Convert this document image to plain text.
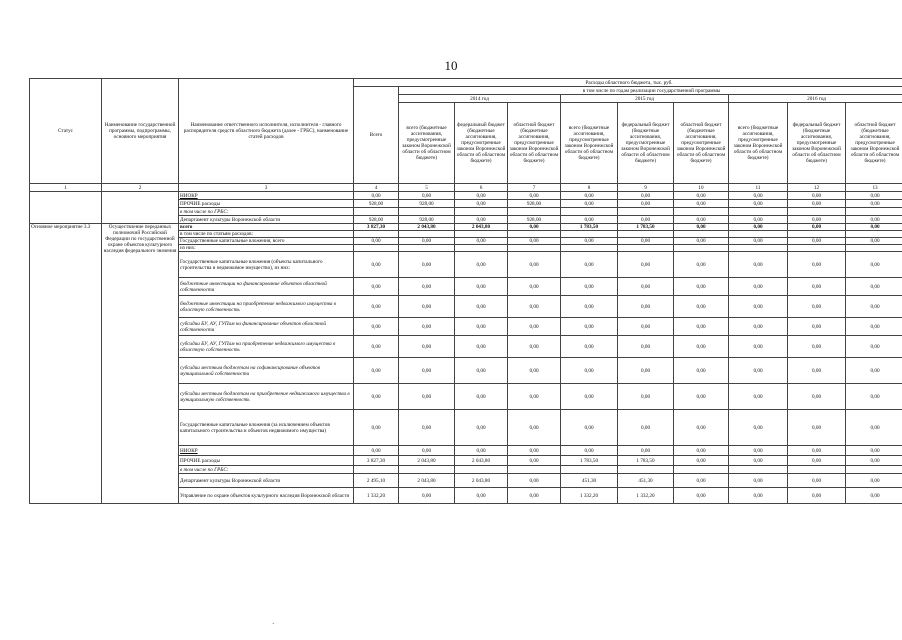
10
Статус	Наименование государственной программы, подпрограммы, основного мероприятия	Наименование ответственного исполнителя, исполнителя - главного распорядителя средств областного бюджета (далее - ГРБС), наименование статей расходов	Расходы областного бюджета, тыс. руб.									
			Всего	в том числе по годам реализации государственной программы								
				2014 год			2015 год			2016 год		
				всего (бюджетные ассигнования, предусмотренные законом Воронежской области об областном бюджете)	федеральный бюджет (бюджетные ассигнования, предусмотренные законом Воронежской области об областном бюджете)	областной бюджет (бюджетные ассигнования, предусмотренные законом Воронежской области об областном бюджете)	всего (бюджетные ассигнования, предусмотренные законом Воронежской области об областном бюджете)	федеральный бюджет (бюджетные ассигнования, предусмотренные законом Воронежской области об областном бюджете)	областной бюджет (бюджетные ассигнования, предусмотренные законом Воронежской области об областном бюджете)	всего (бюджетные ассигнования, предусмотренные законом Воронежской области об областном бюджете)	федеральный бюджет (бюджетные ассигнования, предусмотренные законом Воронежской области об областном бюджете)	областной бюджет (бюджетные ассигнования, предусмотренные законом Воронежской области об областном бюджете)
1	2	3	4	5	6	7	8	9	10	11	12	13
		НИОКР	0,00	0,00	0,00	0,00	0,00	0,00	0,00	0,00	0,00	0,00
		ПРОЧИЕ расходы	928,00	928,00	0,00	928,00	0,00	0,00	0,00	0,00	0,00	0,00
		в том числе по ГРБС:										
		Департамент культуры Воронежской области	928,00	928,00	0,00	928,00	0,00	0,00	0,00	0,00	0,00	0,00
Основное мероприятие 3.3	Осуществление переданных полномочий Российской Федерации по государственной охране объектов культурного наследия федерального значения	всего	3 827,30	2 043,80	2 043,80	0,00	1 783,50	1 783,50	0,00	0,00	0,00	0,00
		в том числе по статьям расходов:										
		Государственные капитальные вложения, всего	0,00	0,00	0,00	0,00	0,00	0,00	0,00	0,00	0,00	0,00
		из них:										
		Государственные капитальные вложения (объекты капитального строительства и недвижимое имущество), из них:	0,00	0,00	0,00	0,00	0,00	0,00	0,00	0,00	0,00	0,00
		бюджетные инвестиции на финансирование объектов областной собственности	0,00	0,00	0,00	0,00	0,00	0,00	0,00	0,00	0,00	0,00
		бюджетные инвестиции на приобретение недвижимого имущества в областную собственность	0,00	0,00	0,00	0,00	0,00	0,00	0,00	0,00	0,00	0,00
		субсидии БУ, АУ, ГУПам на финансирование объектов областной собственности	0,00	0,00	0,00	0,00	0,00	0,00	0,00	0,00	0,00	0,00
		субсидии БУ, АУ, ГУПам на приобретение недвижимого имущества в областную собственность	0,00	0,00	0,00	0,00	0,00	0,00	0,00	0,00	0,00	0,00
		субсидии местным бюджетам на софинансирование объектов муниципальной собственности	0,00	0,00	0,00	0,00	0,00	0,00	0,00	0,00	0,00	0,00
		субсидии местным бюджетам на приобретение недвижимого имущества в муниципальную собственность	0,00	0,00	0,00	0,00	0,00	0,00	0,00	0,00	0,00	0,00
		Государственные капитальные вложения (за исключением объектов капитального строительства и объектов недвижимого имущества)	0,00	0,00	0,00	0,00	0,00	0,00	0,00	0,00	0,00	0,00
		НИОКР	0,00	0,00	0,00	0,00	0,00	0,00	0,00	0,00	0,00	0,00
		ПРОЧИЕ расходы	3 827,30	2 043,80	2 043,80	0,00	1 783,50	1 783,50	0,00	0,00	0,00	0,00
		в том числе по ГРБС:										
		Департамент культуры Воронежской области	2 495,10	2 043,80	2 043,80	0,00	451,30	451,30	0,00	0,00	0,00	0,00
		Управление по охране объектов культурного наследия Воронежской области	1 332,20	0,00	0,00	0,00	1 332,20	1 332,20	0,00	0,00	0,00	0,00
·
